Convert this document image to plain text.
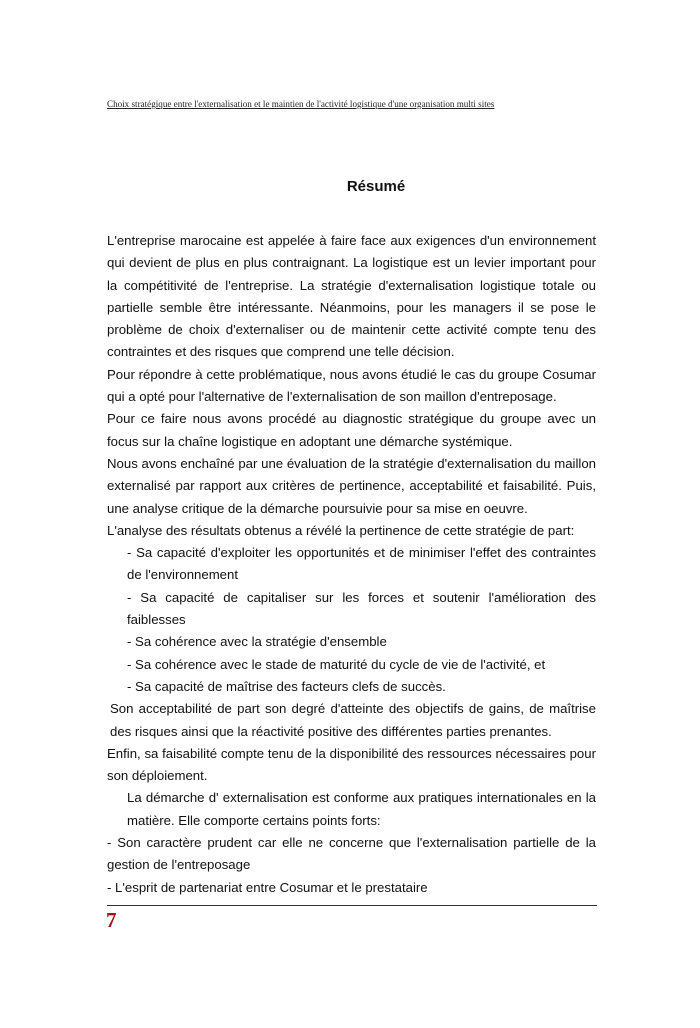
Choix stratégique entre l'externalisation et le maintien de l'activité logistique d'une organisation multi sites
Résumé

L'entreprise marocaine est appelée à faire face aux exigences d'un environnement qui devient de plus en plus contraignant. La logistique est un levier important pour la compétitivité de l'entreprise. La stratégie d'externalisation logistique totale ou partielle semble être intéressante. Néanmoins, pour les managers il se pose le problème de choix d'externaliser ou de maintenir cette activité compte tenu des contraintes et des risques que comprend une telle décision.

Pour répondre à cette problématique, nous avons étudié le cas du groupe Cosumar qui a opté pour l'alternative de l'externalisation de son maillon d'entreposage.

Pour ce faire nous avons procédé au diagnostic stratégique du groupe avec un focus sur la chaîne logistique en adoptant une démarche systémique.

Nous avons enchaîné par une évaluation de la stratégie d'externalisation du maillon externalisé par rapport aux critères de pertinence, acceptabilité et faisabilité. Puis, une analyse critique de la démarche poursuivie pour sa mise en oeuvre.

L'analyse des résultats obtenus a révélé la pertinence de cette stratégie de part:

- Sa capacité d'exploiter les opportunités et de minimiser l'effet des contraintes de l'environnement

- Sa capacité de capitaliser sur les forces et soutenir l'amélioration des faiblesses

- Sa cohérence avec la stratégie d'ensemble

- Sa cohérence avec le stade de maturité du cycle de vie de l'activité, et

- Sa capacité de maîtrise des facteurs clefs de succès.

Son acceptabilité de part son degré d'atteinte des objectifs de gains, de maîtrise des risques ainsi que la réactivité positive des différentes parties prenantes.

Enfin, sa faisabilité compte tenu de la disponibilité des ressources nécessaires pour son déploiement.

La démarche d' externalisation est conforme aux pratiques internationales en la matière. Elle comporte certains points forts:

- Son caractère prudent car elle ne concerne que l'externalisation partielle de la gestion de l'entreposage

- L'esprit de partenariat entre Cosumar et le prestataire

7
